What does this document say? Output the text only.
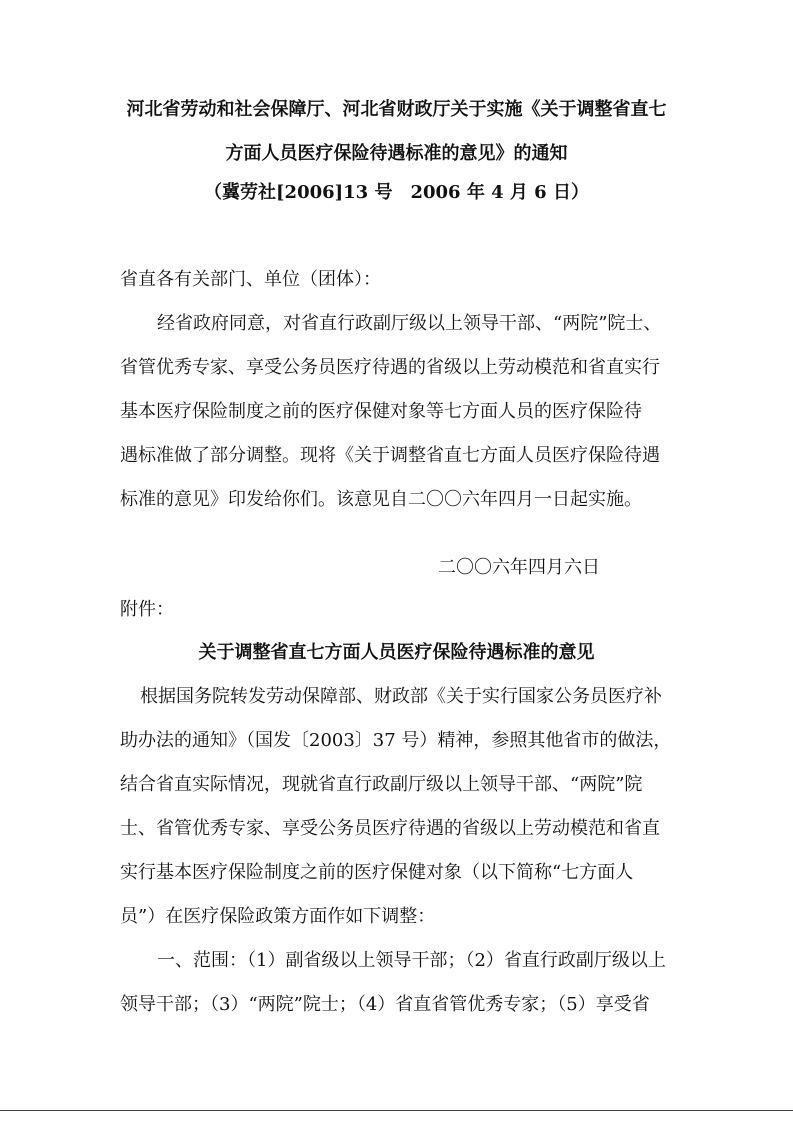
河北省劳动和社会保障厅、河北省财政厅关于实施《关于调整省直七
方面人员医疗保险待遇标准的意见》的通知
（冀劳社[2006]13 号　2006 年 4 月 6 日）
省直各有关部门、单位（团体）：
经省政府同意，对省直行政副厅级以上领导干部、“两院”院士、
省管优秀专家、享受公务员医疗待遇的省级以上劳动模范和省直实行
基本医疗保险制度之前的医疗保健对象等七方面人员的医疗保险待
遇标准做了部分调整。现将《关于调整省直七方面人员医疗保险待遇
标准的意见》印发给你们。该意见自二〇〇六年四月一日起实施。
二〇〇六年四月六日
附件：
关于调整省直七方面人员医疗保险待遇标准的意见
根据国务院转发劳动保障部、财政部《关于实行国家公务员医疗补
助办法的通知》（国发〔2003〕37 号）精神，参照其他省市的做法，
结合省直实际情况，现就省直行政副厅级以上领导干部、“两院”院
士、省管优秀专家、享受公务员医疗待遇的省级以上劳动模范和省直
实行基本医疗保险制度之前的医疗保健对象（以下简称“七方面人
员”）在医疗保险政策方面作如下调整：
一、范围：（1）副省级以上领导干部；（2）省直行政副厅级以上
领导干部；（3）“两院”院士；（4）省直省管优秀专家；（5）享受省
